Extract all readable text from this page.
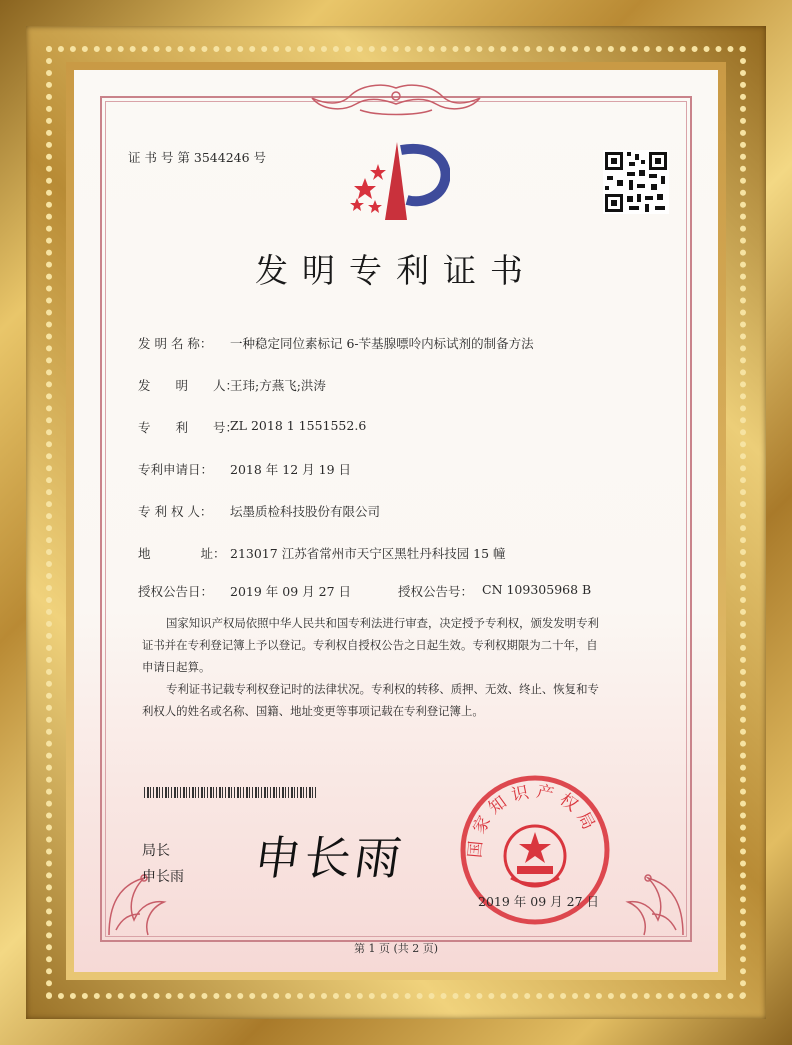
证 书 号 第 3544246 号
发明专利证书
发 明 名 称： 一种稳定同位素标记 6-苄基腺嘌呤内标试剂的制备方法
发　　明　　人：
王玮;方燕飞;洪涛
专　　利　　号：
ZL 2018 1 1551552.6
专利申请日： 2018 年 12 月 19 日
专 利 权 人： 坛墨质检科技股份有限公司
地　　　　址： 213017 江苏省常州市天宁区黑牡丹科技园 15 幢
授权公告日： 2019 年 09 月 27 日	授权公告号： CN 109305968 B
国家知识产权局依照中华人民共和国专利法进行审查，决定授予专利权，颁发发明专利
证书并在专利登记簿上予以登记。专利权自授权公告之日起生效。专利权期限为二十年，自
申请日起算。
专利证书记载专利权登记时的法律状况。专利权的转移、质押、无效、终止、恢复和专
利权人的姓名或名称、国籍、地址变更等事项记载在专利登记簿上。
局长
申长雨 申长雨	国家知识产权局
2019 年 09 月 27 日
第 1 页 (共 2 页)
